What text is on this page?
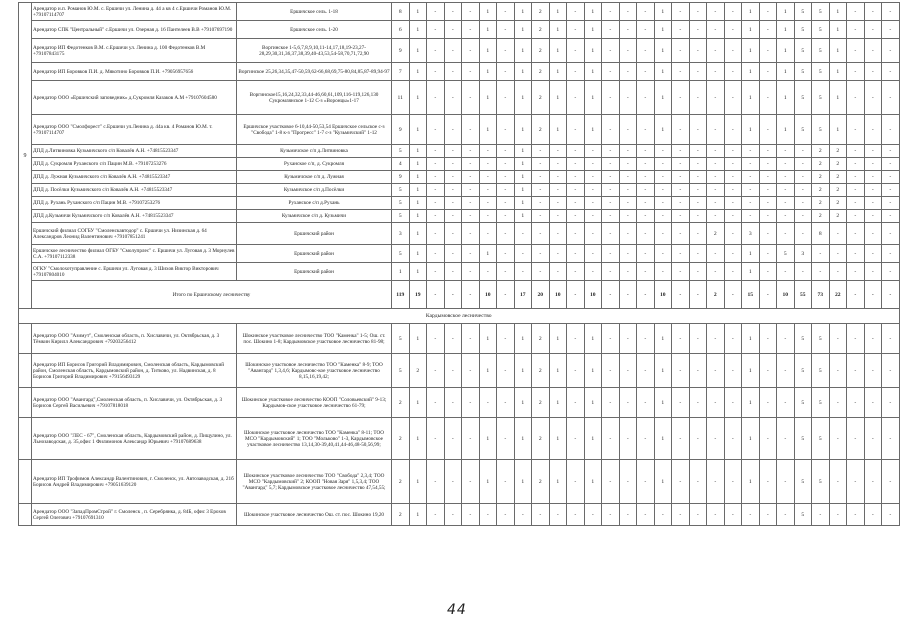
9	Арендатор и.п. Романов Ю.М. с. Ершичи ул. Ленина д. 44 а кв 4 с.Ершичи Романов Ю.М. +79107114707	Ершичское сель. 1-18	8	1	-	-	-	1	-	1	2	1	-	1	-	-	-	1	-	-	-	-	1	-	1	5	5	1	-	-	-
	Арендатор СПК "Центральный" с.Ершичи ул. Озерная д. 16 Пантелеев В.В +79107697190	Ершичское сель. 1-20	6	1	-	-	-	1	-	1	2	1	-	1	-	-	-	1	-	-	-	-	1	-	1	5	5	1	-	-	-
	Арендатор ИП Федотенков В.М. с.Ершичи ул. Ленина д. 100 Федотенков В.М +79107843175	Воргинское 1-5,6,7,8,9,10,11-14,17,18,19-23,27-28,29,30,31,36,37,38,39,40-43,53,54-58,70,71,72,90	9	1	-	-	-	1	-	1	2	1	-	1	-	-	-	1	-	-	-	-	1	-	1	5	5	1	-	-	-
	Арендатор ИП Боровков П.И. д. Мякотино Боровков П.И. +79056957656	Воргинское 25,26,34,35,47-50,59,62-66,68,69,75-80,84,85,87-89,94-97	7	1	-	-	-	1	-	1	2	1	-	1	-	-	-	1	-	-	-	-	1	-	1	5	5	1	-	-	-
	Арендатор ООО «Ершичский заповедник» д.Сукромля Казаков А.М +79107604580	Воргинское15,16,24,32,33,44-46,60,61,109,116-119,126,130 Сукромлянское 1-12 С-з «Воронцы»1-17	11	1	-	-	-	1	-	1	2	1	-	1	-	-	-	1	-	-	-	-	1	-	1	5	5	1	-	-	-
	Арендатор ООО "Смолфорест" с.Ершичи ул.Ленина д. 44а кв. 4 Романов Ю.М. т. +79107114707	Ершичское участковое 6-10,44-50,53,54 Ершичское сельское с-з "Свобода" 1-8 к-з "Прогресс" 1-7 с-з "Кузьмичский" 1-12	9	1	-	-	-	1	-	1	2	1	-	1	-	-	-	1	-	-	-	-	1	-	1	5	5	1	-	-	-
	ДПД д.Литвиновка Кузьмичского с/п Ковалёв А.Н. +74815523347	Кузьмичское с/п д.Литвиновка	5	1	-	-	-	-	-	1	-	-	-	-	-	-	-	-	-	-	-	-	-	-	-	-	2	2	-	-	-
	ДПД д. Сукромля Руханского с/п Пацин М.В. +79107253276	Руханское с/п, д. Сукромля	4	1	-	-	-	-	-	1	-	-	-	-	-	-	-	-	-	-	-	-	-	-	-	-	2	2	-	-	-
	ДПД д. Лужная Кузьмичского с/п Ковалёв А.Н. +74815523347	Кузьмичское с/п д. Лужная	9	1	-	-	-	-	-	1	-	-	-	-	-	-	-	-	-	-	-	-	-	-	-	-	2	2	-	-	-
	ДПД д. Посёлки Кузьмичского с/п Ковалёв А.Н. +74815523347	Кузьмичское с/п д.Посёлки	5	1	-	-	-	-	-	1	-	-	-	-	-	-	-	-	-	-	-	-	-	-	-	-	2	2	-	-	-
	ДПД д. Рухань Руханского с/п Пацин М.В. +79107253276	Руханское с/п д.Рухань	5	1	-	-	-	-	-	1	-	-	-	-	-	-	-	-	-	-	-	-	-	-	-	-	2	2	-	-	-
	ДПД д.Кузьмичи Кузьмичского с/п Ковалёв А.Н. +74815523347	Кузьмичское с/п д. Кузьмичи	5	1	-	-	-	-	-	1	-	-	-	-	-	-	-	-	-	-	-	-	-	-	-	-	2	2	-	-	-
	Ершичский филиал СОГБУ "Смоленскавтодор" с. Ершичи ул. Низинская д. 64 Александров Леонид Валентинович +79107851241	Ершичский район	3	1	-	-	-	-	-	-	-	-	-	-	-	-	-	-	-	-	2	-	3	-	-	-	8	-	-	-	-
	Ершичское лесничество филиал ОГБУ "Смолупрлес" с. Ершичи ул. Луговая д. 3 Морнулев С.А. +79107112338	Ершичский район	5	1	-	-	-	1	-	-	-	-	-	-	-	-	-	-	-	-	-	-	1	-	5	3	-	-	-	-	-
	ОГКУ "Смолохотуправление с. Ершичи ул. Луговая д. 3 Шихов Виктор Викторович +79107804010	Ершичский район	1	1	-	-	-	-	-	-	-	-	-	-	-	-	-	-	-	-	-	-	1	-	-	-	-	-	-	-	-
	Итого по Ершичскому лесничеству		119	19	-	-	-	10	-	17	20	10	-	10	-	-	-	10	-	-	2	-	15	-	10	55	73	22	-	-	-
Кардымовское лесничество																															
	Арендатор ООО "Азимут", Смоленская область, п. Хиславичи, ул. Октябрьская, д. 3 Тёмкин Кирилл Александрович +79203256412	Шокинское участковое лесничество ТОО "Каменка" 1-5; Ош. ст. пос. Шокино 1-8; Кардымовское участковое лесничество 81-98;	5	1	-	-	-	1	-	1	2	1	-	1	-	-	-	1	-	-	-	-	1	-	-	5	5	-	-	-	-
	Арендатор ИП Борисов Григорий Владимирович, Смоленская область, Кардымовский район, Смоленская область, Кардымовский район, д. Титково, ул. Надвинская, д. 8 Борисов Григорий Владимирович +79156493129	Шокинское участковое лесничество ТОО "Каменка" 8-9; ТОО "Авангард" 1,3,4,6; Кардымовс-кое участковое лесничество 8,15,16,19,42;	5	2	-	-	-	1	-	1	2	1	-	1	-	-	-	1	-	-	-	-	1	-	-	5	5	-	-	-	-
	Арендатор ООО "Авангард",Смоленская область, п. Хиславичи, ул. Октябрьская, д. 3 Борисов Сергей Васильевич +79107818018	Шокинское участковое лесничество КООП "Соловьевский" 9-13; Кардымов-ское участковое лесничество 61-79;	2	1	-	-	-	-	-	1	2	1	-	1	-	-	-	1	-	-	-	-	1	-	-	5	5	-	-	-	-
	Арендатор ООО "ЛЕС - 67", Смоленская область, Кардымовский район, д. Пищулино, ул. Льнозаводская, д. 35,офис 1 Филимонов Александр Юрьевич +79107689638	Шокинское участковое лесничество ТОО "Каменка" 8-11; ТОО МСО "Кардымовский" 1; ТОО "Мольково" 1-3, Кардымовское участковое лесничество 13,14,30-39,40,41,44-46,48-50,56,99;	2	1	-	-	-	1	-	1	2	1	-	1	-	-	-	1	-	-	-	-	1	-	-	5	5	-	-	-	-
	Арендатор ИП Трофимов Александр Валентинович, г. Смоленск, ул. Автозаводская, д. 21б Борисов Андрей Владимирович +79051639120	Шокинское участковое лесничество ТОО "Свобода" 2,3,4; ТОО МСО "Кардымовский" 2; КООП "Новая Заря" 1,5,3,4; ТОО "Авангард" 5,7; Кардымовское участковое лесничество 47,54,55;	2	1	-	-	-	1	-	1	2	1	-	1	-	-	-	1	-	-	-	-	1	-	-	5	5	-	-	-	-
	Арендатор ООО "ЗападПромСтрой" г. Смоленск , п. Серебрянка, д. 84Б, офис 3 Ерохов Сергей Олегович +79107691310	Шокинское участковое лесничество Ош. ст. пос. Шокино 19,20	2	1	-	-	-	-	-	-	-	-	-	-	-	-	-	-	-	-	-	-	-	-	-	5	-	-	-	-	-
44
